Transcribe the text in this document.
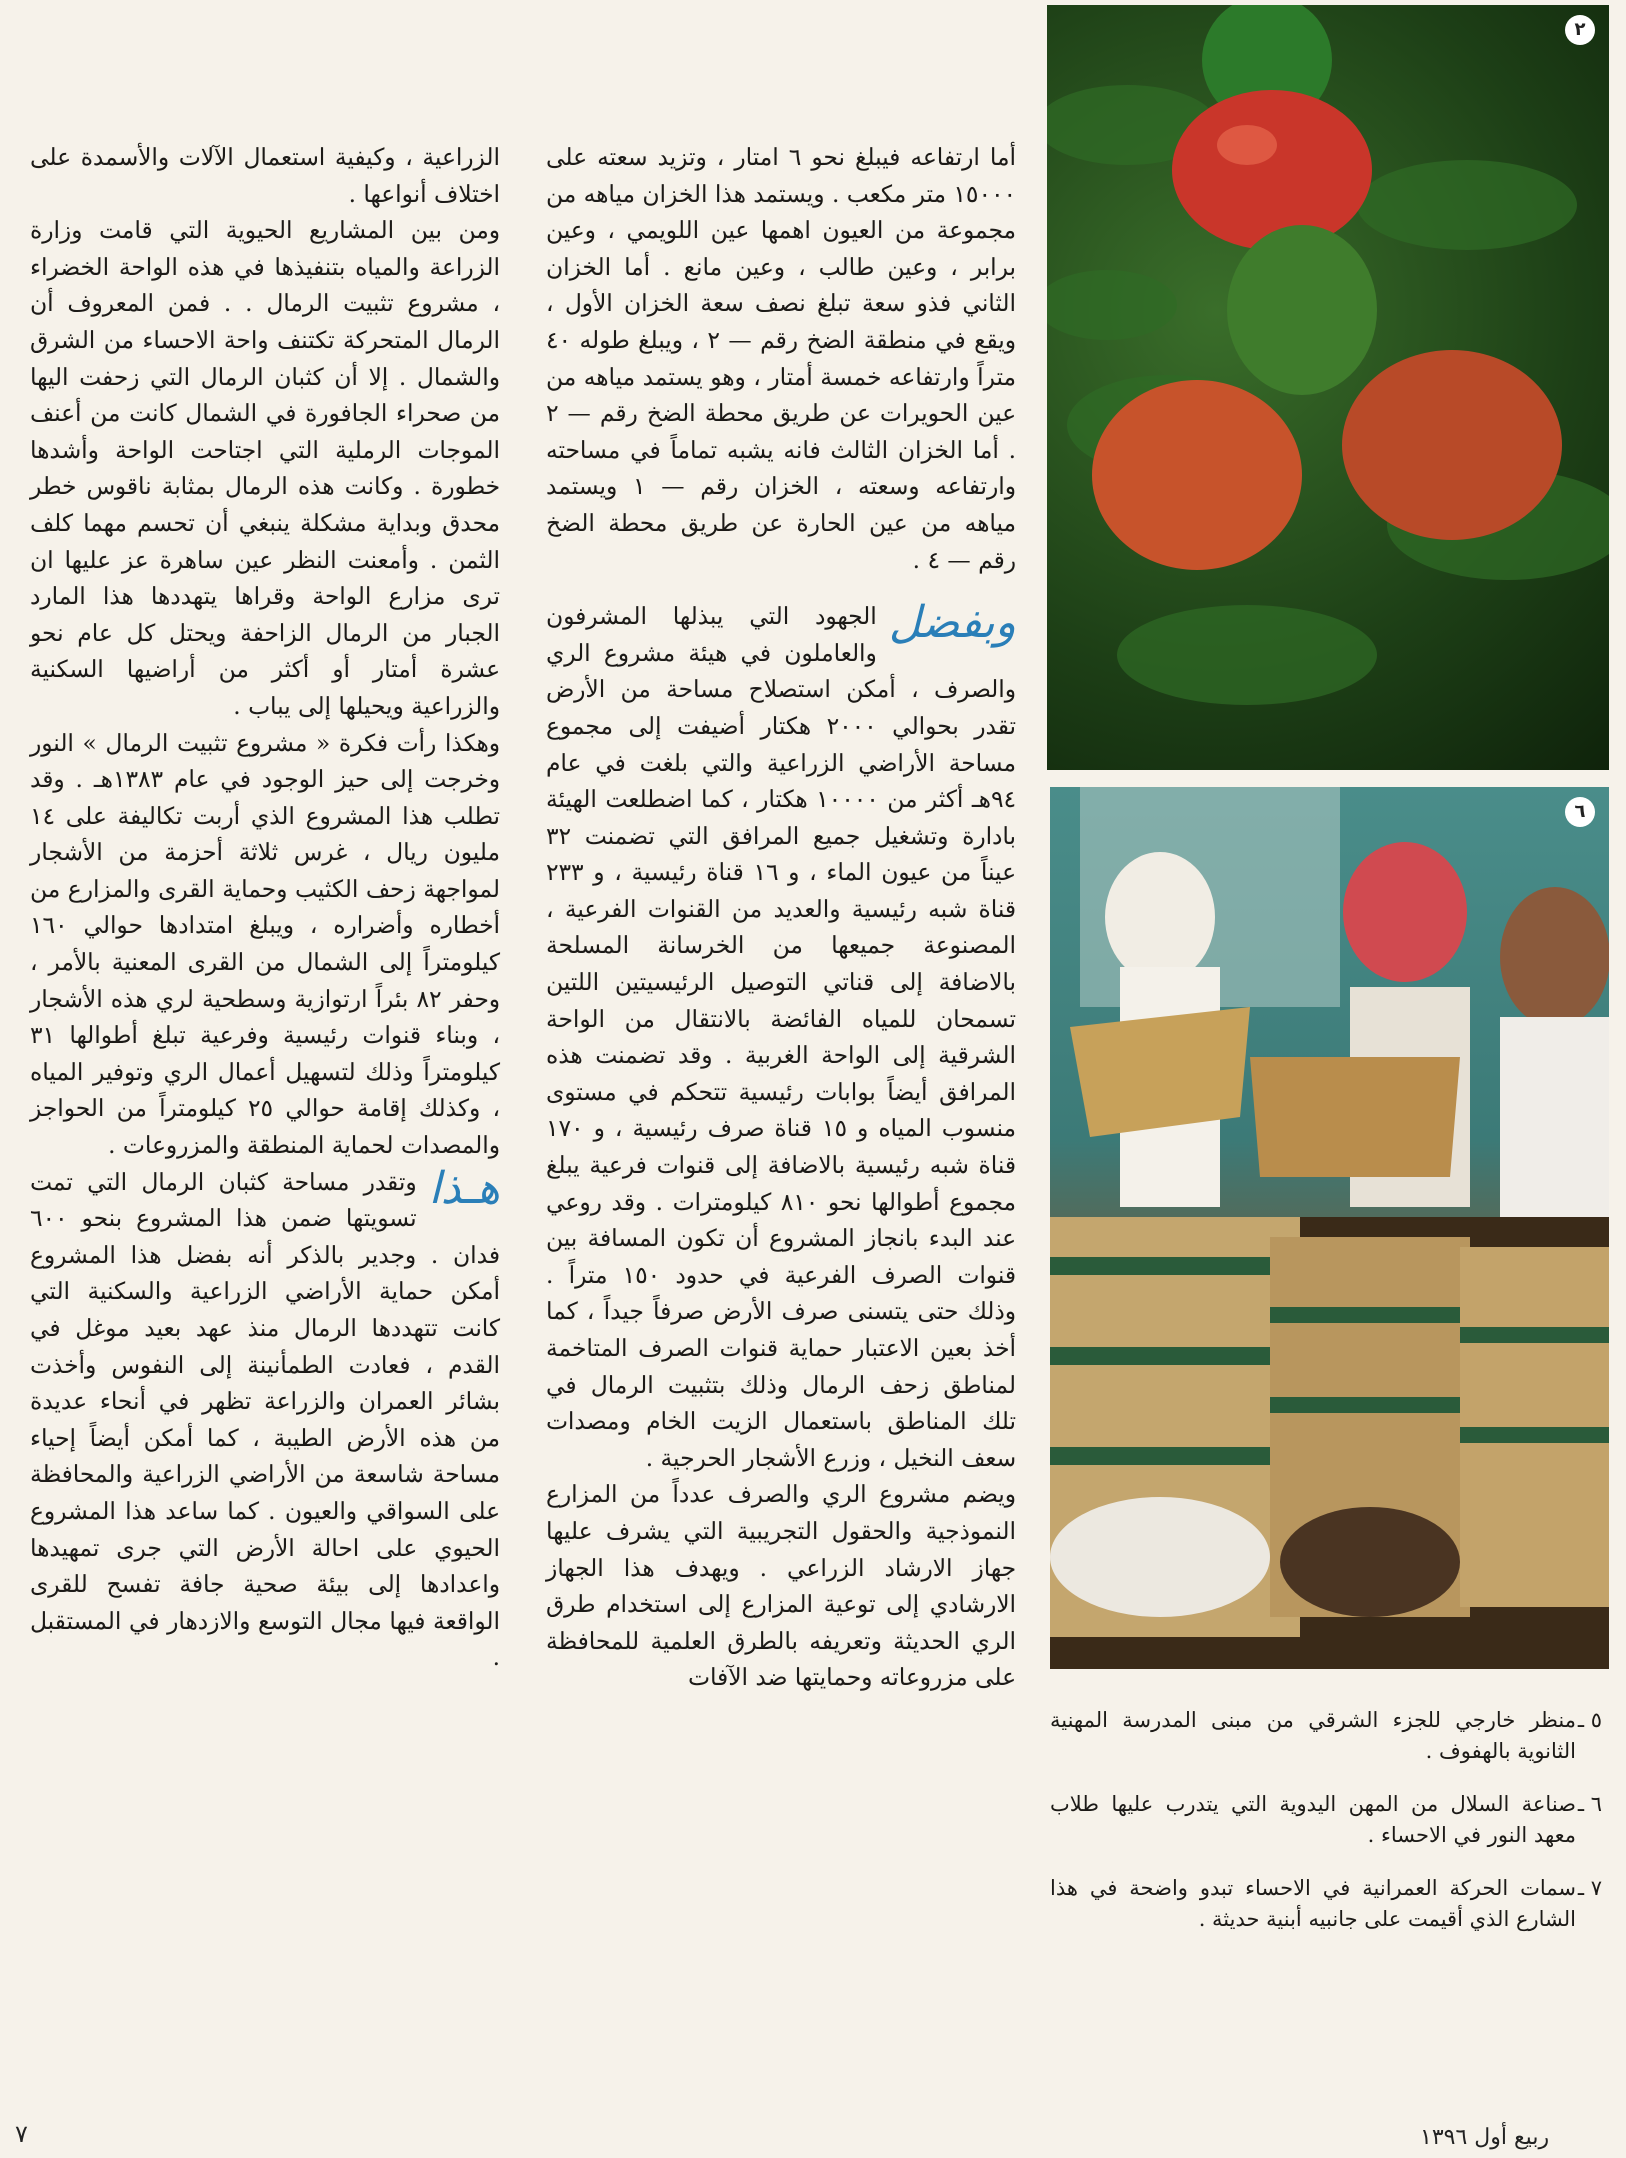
أما ارتفاعه فيبلغ نحو ٦ امتار ، وتزيد سعته على ١٥٠٠٠ متر مكعب . ويستمد هذا الخزان مياهه من مجموعة من العيون اهمها عين اللويمي ، وعين برابر ، وعين طالب ، وعين مانع . أما الخزان الثاني فذو سعة تبلغ نصف سعة الخزان الأول ، ويقع في منطقة الضخ رقم — ٢ ، ويبلغ طوله ٤٠ متراً وارتفاعه خمسة أمتار ، وهو يستمد مياهه من عين الحويرات عن طريق محطة الضخ رقم — ٢ . أما الخزان الثالث فانه يشبه تماماً في مساحته وارتفاعه وسعته ، الخزان رقم — ١ ويستمد مياهه من عين الحارة عن طريق محطة الضخ رقم — ٤ .

وبفضل
الجهود التي يبذلها المشرفون والعاملون في هيئة مشروع الري والصرف ، أمكن استصلاح مساحة من الأرض تقدر بحوالي ٢٠٠٠ هكتار أضيفت إلى مجموع مساحة الأراضي الزراعية والتي بلغت في عام ٩٤هـ أكثر من ١٠٠٠٠ هكتار ، كما اضطلعت الهيئة بادارة وتشغيل جميع المرافق التي تضمنت ٣٢ عيناً من عيون الماء ، و ١٦ قناة رئيسية ، و ٢٣٣ قناة شبه رئيسية والعديد من القنوات الفرعية ، المصنوعة جميعها من الخرسانة المسلحة بالاضافة إلى قناتي التوصيل الرئيسيتين اللتين تسمحان للمياه الفائضة بالانتقال من الواحة الشرقية إلى الواحة الغربية . وقد تضمنت هذه المرافق أيضاً بوابات رئيسية تتحكم في مستوى منسوب المياه و ١٥ قناة صرف رئيسية ، و ١٧٠ قناة شبه رئيسية بالاضافة إلى قنوات فرعية يبلغ مجموع أطوالها نحو ٨١٠ كيلومترات . وقد روعي عند البدء بانجاز المشروع أن تكون المسافة بين قنوات الصرف الفرعية في حدود ١٥٠ متراً . وذلك حتى يتسنى صرف الأرض صرفاً جيداً ، كما أخذ بعين الاعتبار حماية قنوات الصرف المتاخمة لمناطق زحف الرمال وذلك بتثبيت الرمال في تلك المناطق باستعمال الزيت الخام ومصدات سعف النخيل ، وزرع الأشجار الحرجية .

ويضم مشروع الري والصرف عدداً من المزارع النموذجية والحقول التجريبية التي يشرف عليها جهاز الارشاد الزراعي . ويهدف هذا الجهاز الارشادي إلى توعية المزارع إلى استخدام طرق الري الحديثة وتعريفه بالطرق العلمية للمحافظة على مزروعاته وحمايتها ضد الآفات

الزراعية ، وكيفية استعمال الآلات والأسمدة على اختلاف أنواعها .

ومن بين المشاريع الحيوية التي قامت وزارة الزراعة والمياه بتنفيذها في هذه الواحة الخضراء ، مشروع تثبيت الرمال . . فمن المعروف أن الرمال المتحركة تكتنف واحة الاحساء من الشرق والشمال . إلا أن كثبان الرمال التي زحفت اليها من صحراء الجافورة في الشمال كانت من أعنف الموجات الرملية التي اجتاحت الواحة وأشدها خطورة . وكانت هذه الرمال بمثابة ناقوس خطر محدق وبداية مشكلة ينبغي أن تحسم مهما كلف الثمن . وأمعنت النظر عين ساهرة عز عليها ان ترى مزارع الواحة وقراها يتهددها هذا المارد الجبار من الرمال الزاحفة ويحتل كل عام نحو عشرة أمتار أو أكثر من أراضيها السكنية والزراعية ويحيلها إلى يباب .

وهكذا رأت فكرة « مشروع تثبيت الرمال » النور وخرجت إلى حيز الوجود في عام ١٣٨٣هـ . وقد تطلب هذا المشروع الذي أربت تكاليفة على ١٤ مليون ريال ، غرس ثلاثة أحزمة من الأشجار لمواجهة زحف الكثيب وحماية القرى والمزارع من أخطاره وأضراره ، ويبلغ امتدادها حوالي ١٦٠ كيلومتراً إلى الشمال من القرى المعنية بالأمر ، وحفر ٨٢ بئراً ارتوازية وسطحية لري هذه الأشجار ، وبناء قنوات رئيسية وفرعية تبلغ أطوالها ٣١ كيلومتراً وذلك لتسهيل أعمال الري وتوفير المياه ، وكذلك إقامة حوالي ٢٥ كيلومتراً من الحواجز والمصدات لحماية المنطقة والمزروعات .

هـذا
وتقدر مساحة كثبان الرمال التي تمت تسويتها ضمن هذا المشروع بنحو ٦٠٠ فدان . وجدير بالذكر أنه بفضل هذا المشروع أمكن حماية الأراضي الزراعية والسكنية التي كانت تتهددها الرمال منذ عهد بعيد موغل في القدم ، فعادت الطمأنينة إلى النفوس وأخذت بشائر العمران والزراعة تظهر في أنحاء عديدة من هذه الأرض الطيبة ، كما أمكن أيضاً إحياء مساحة شاسعة من الأراضي الزراعية والمحافظة على السواقي والعيون . كما ساعد هذا المشروع الحيوي على احالة الأرض التي جرى تمهيدها واعدادها إلى بيئة صحية جافة تفسح للقرى الواقعة فيها مجال التوسع والازدهار في المستقبل .

٢
٦

٥ ـ
منظر خارجي للجزء الشرقي من مبنى المدرسة المهنية الثانوية بالهفوف .

٦ ـ
صناعة السلال من المهن اليدوية التي يتدرب عليها طلاب معهد النور في الاحساء .

٧ ـ
سمات الحركة العمرانية في الاحساء تبدو واضحة في هذا الشارع الذي أقيمت على جانبيه أبنية حديثة .

ربيع أول ١٣٩٦
٧
